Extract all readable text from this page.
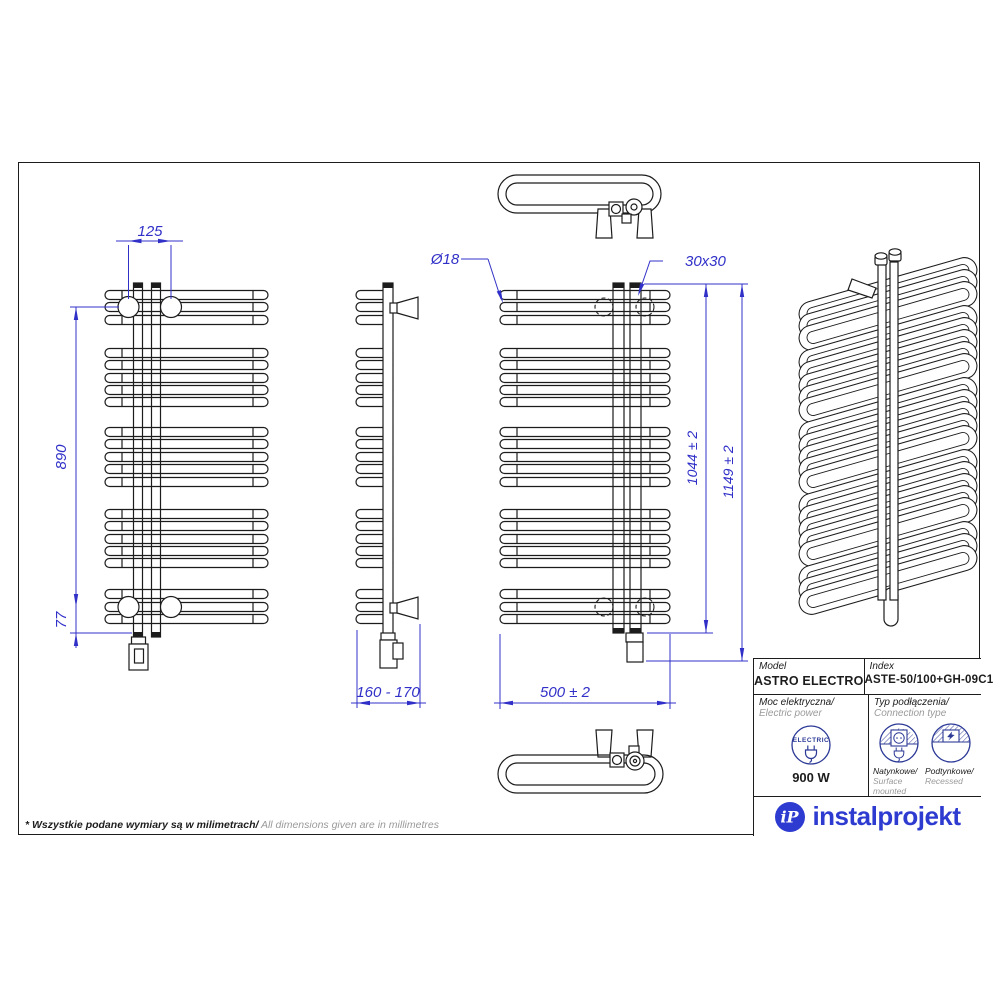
125
890
77
160 - 170
Ø18	30x30
1044 ± 2 1149 ± 2
500 ± 2
Model
ASTRO ELECTRO
Index
ASTE-50/100+GH-09C1
Moc elektryczna/ Electric power
ELECTRIC
900 W
Typ podłączenia/
Connection type
Natynkowe/
Surface mounted
Podtynkowe/
Recessed
iP instalprojekt
* Wszystkie podane wymiary są w milimetrach/ All dimensions given are in millimetres
